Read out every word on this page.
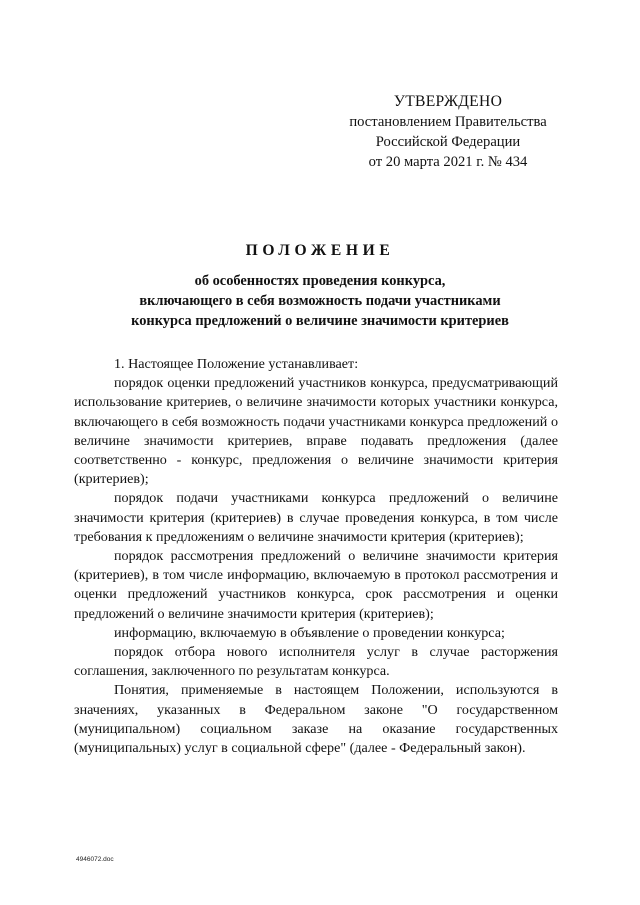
УТВЕРЖДЕНО
постановлением Правительства
Российской Федерации
от 20 марта 2021 г. № 434
ПОЛОЖЕНИЕ
об особенностях проведения конкурса,
включающего в себя возможность подачи участниками
конкурса предложений о величине значимости критериев

1. Настоящее Положение устанавливает:

порядок оценки предложений участников конкурса, предусматривающий использование критериев, о величине значимости которых участники конкурса, включающего в себя возможность подачи участниками конкурса предложений о величине значимости критериев, вправе подавать предложения (далее соответственно - конкурс, предложения о величине значимости критерия (критериев);

порядок подачи участниками конкурса предложений о величине значимости критерия (критериев) в случае проведения конкурса, в том числе требования к предложениям о величине значимости критерия (критериев);

порядок рассмотрения предложений о величине значимости критерия (критериев), в том числе информацию, включаемую в протокол рассмотрения и оценки предложений участников конкурса, срок рассмотрения и оценки предложений о величине значимости критерия (критериев);

информацию, включаемую в объявление о проведении конкурса;

порядок отбора нового исполнителя услуг в случае расторжения соглашения, заключенного по результатам конкурса.

Понятия, применяемые в настоящем Положении, используются в значениях, указанных в Федеральном законе "О государственном (муниципальном) социальном заказе на оказание государственных (муниципальных) услуг в социальной сфере" (далее - Федеральный закон).

4946072.doc
